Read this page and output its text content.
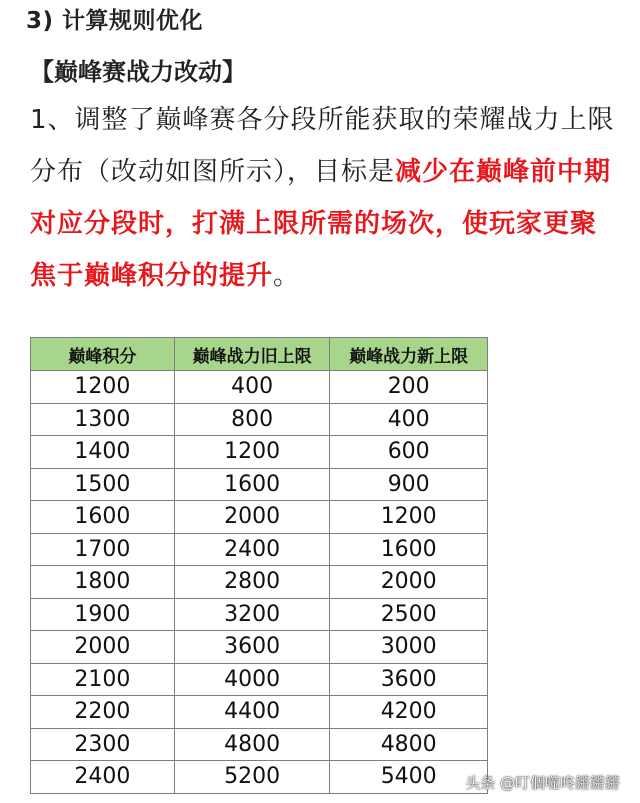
3) 计算规则优化
【巅峰赛战力改动】
1、调整了巅峰赛各分段所能获取的荣耀战力上限分布（改动如图所示），目标是减少在巅峰前中期对应分段时，打满上限所需的场次，使玩家更聚焦于巅峰积分的提升。
巅峰积分	巅峰战力旧上限	巅峰战力新上限
1200	400	200
1300	800	400
1400	1200	600
1500	1600	900
1600	2000	1200
1700	2400	1600
1800	2800	2000
1900	3200	2500
2000	3600	3000
2100	4000	3600
2200	4400	4200
2300	4800	4800
2400	5200	5400 头条 @叮個噬咚鏘鏘鏘
